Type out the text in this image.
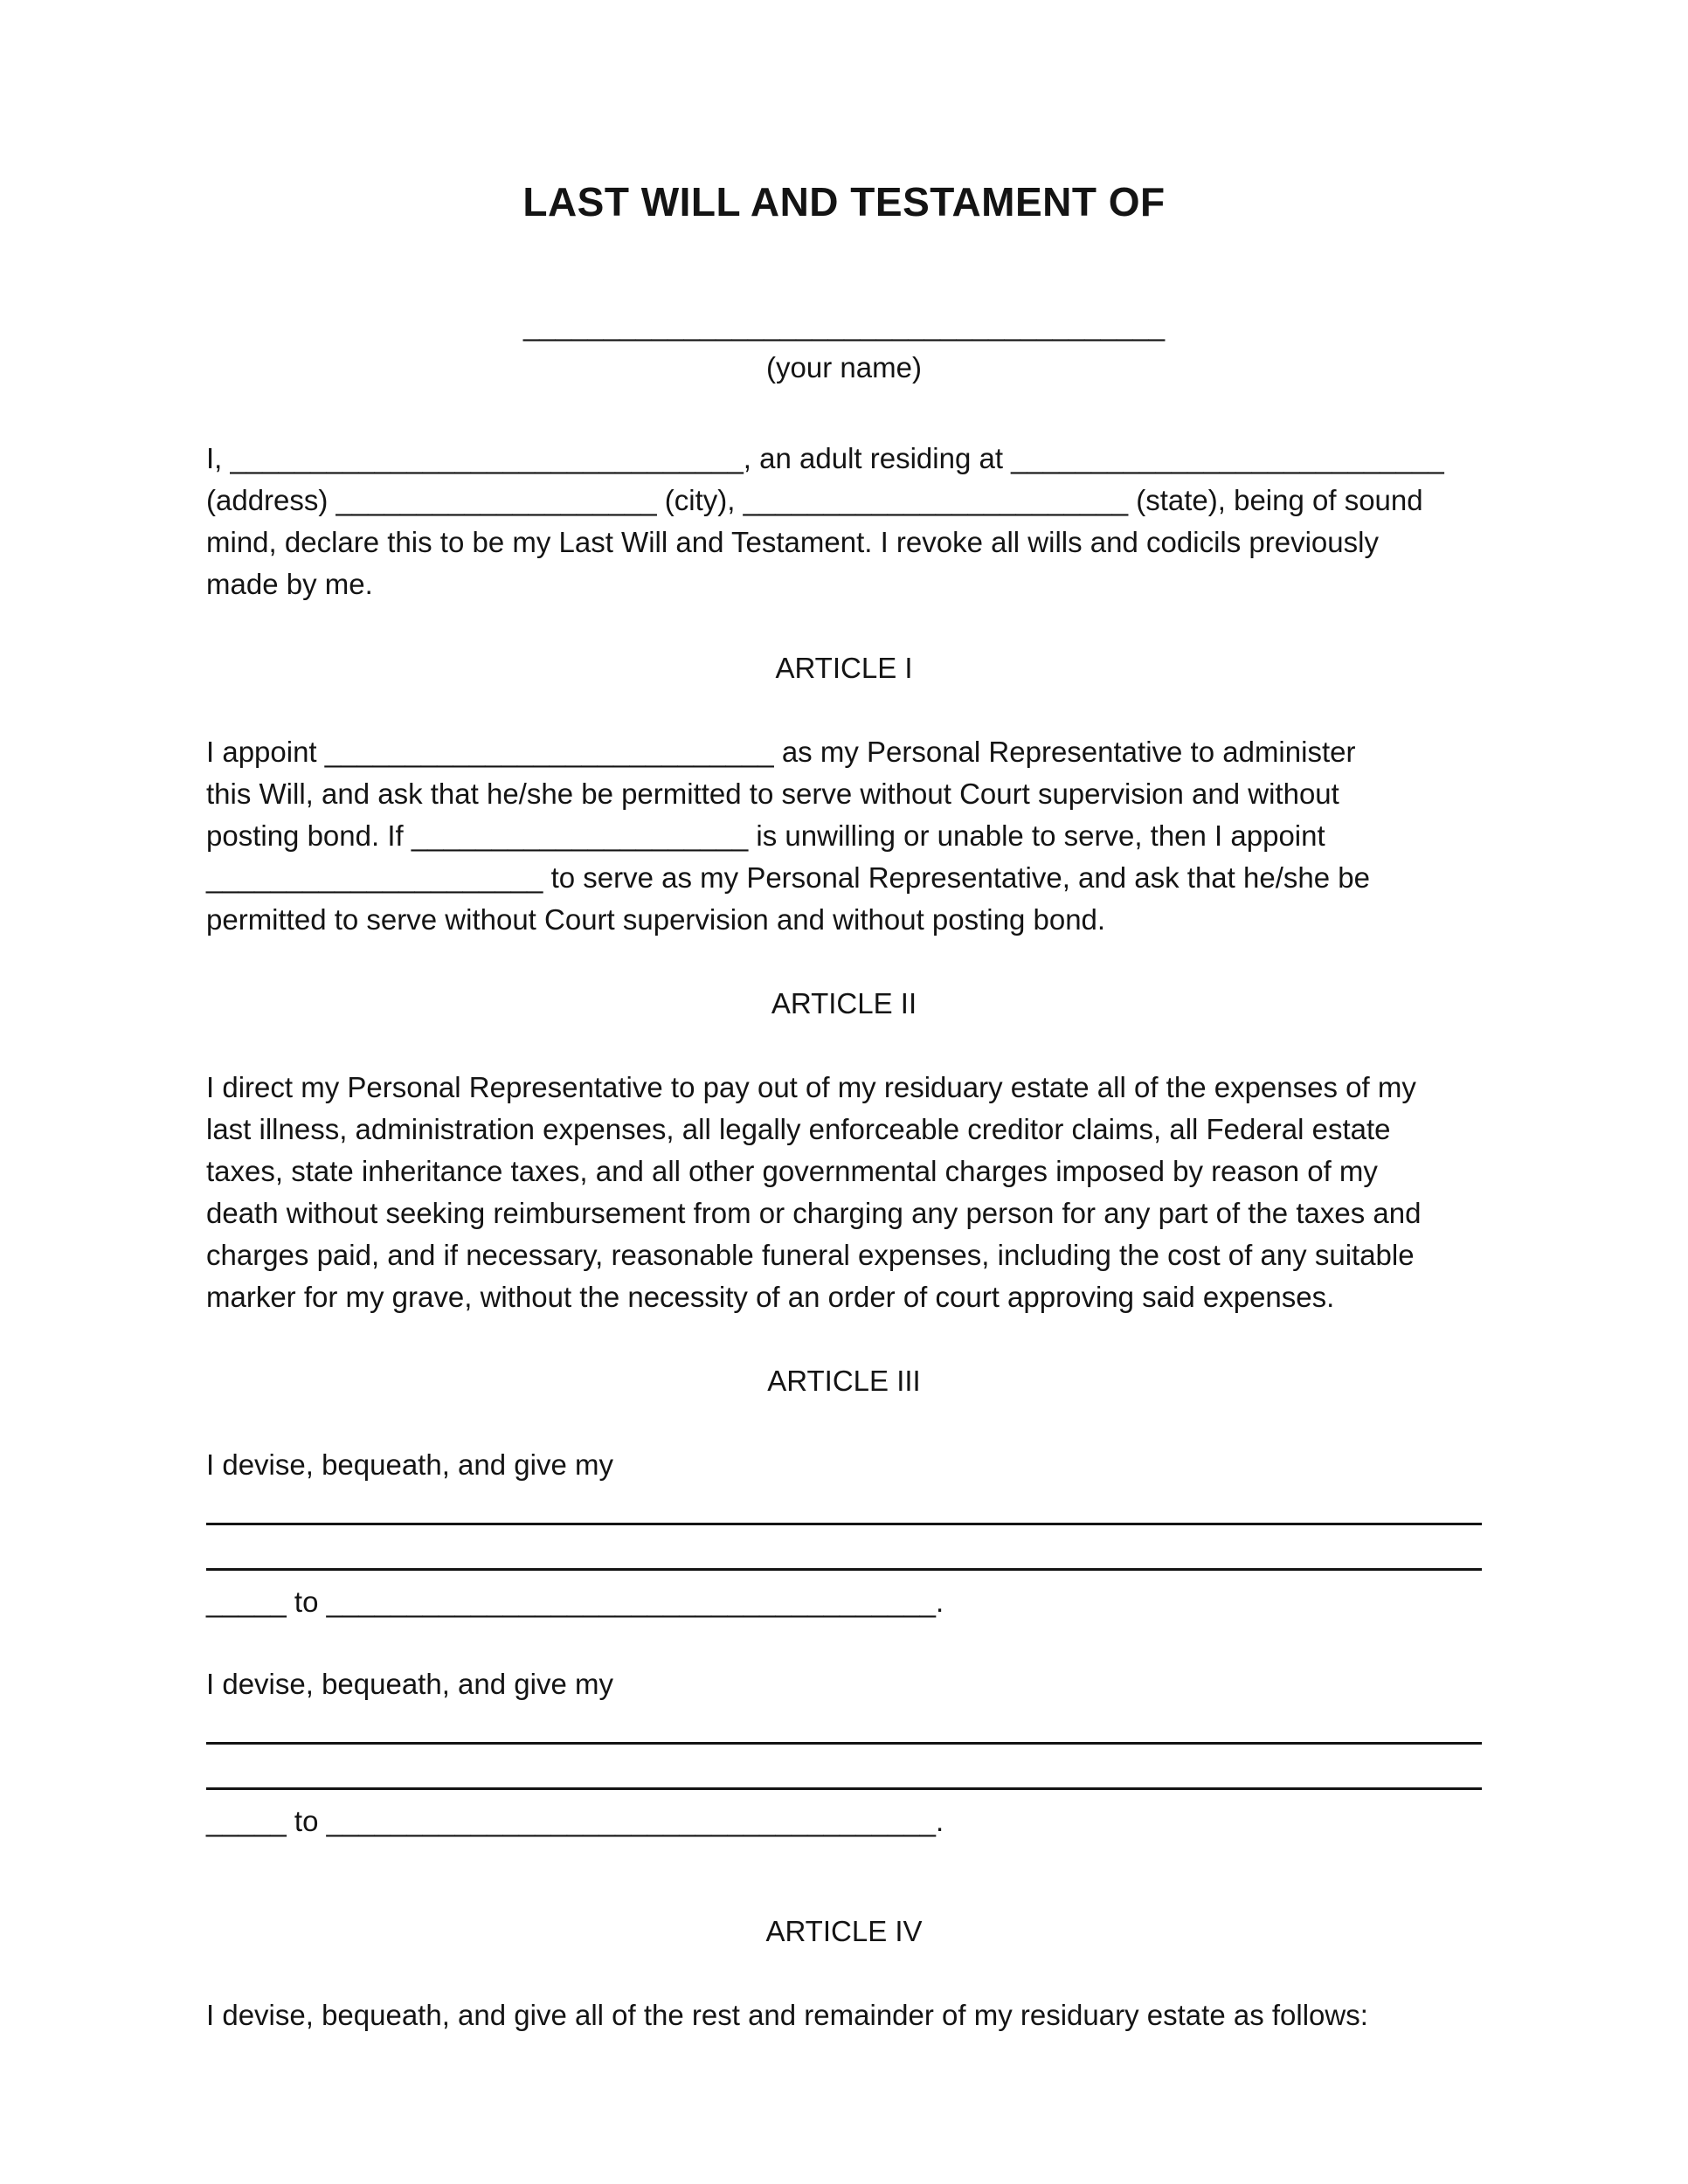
LAST WILL AND TESTAMENT OF
________________________________________
(your name)
I, ________________________________, an adult residing at ___________________________
(address) ____________________ (city), ________________________ (state), being of sound
mind, declare this to be my Last Will and Testament. I revoke all wills and codicils previously
made by me.
ARTICLE I
I appoint ____________________________ as my Personal Representative to administer
this Will, and ask that he/she be permitted to serve without Court supervision and without
posting bond. If _____________________ is unwilling or unable to serve, then I appoint
_____________________ to serve as my Personal Representative, and ask that he/she be
permitted to serve without Court supervision and without posting bond.
ARTICLE II
I direct my Personal Representative to pay out of my residuary estate all of the expenses of my
last illness, administration expenses, all legally enforceable creditor claims, all Federal estate
taxes, state inheritance taxes, and all other governmental charges imposed by reason of my
death without seeking reimbursement from or charging any person for any part of the taxes and
charges paid, and if necessary, reasonable funeral expenses, including the cost of any suitable
marker for my grave, without the necessity of an order of court approving said expenses.
ARTICLE III
I devise, bequeath, and give my
_____ to ______________________________________.
I devise, bequeath, and give my
_____ to ______________________________________.
ARTICLE IV
I devise, bequeath, and give all of the rest and remainder of my residuary estate as follows:
